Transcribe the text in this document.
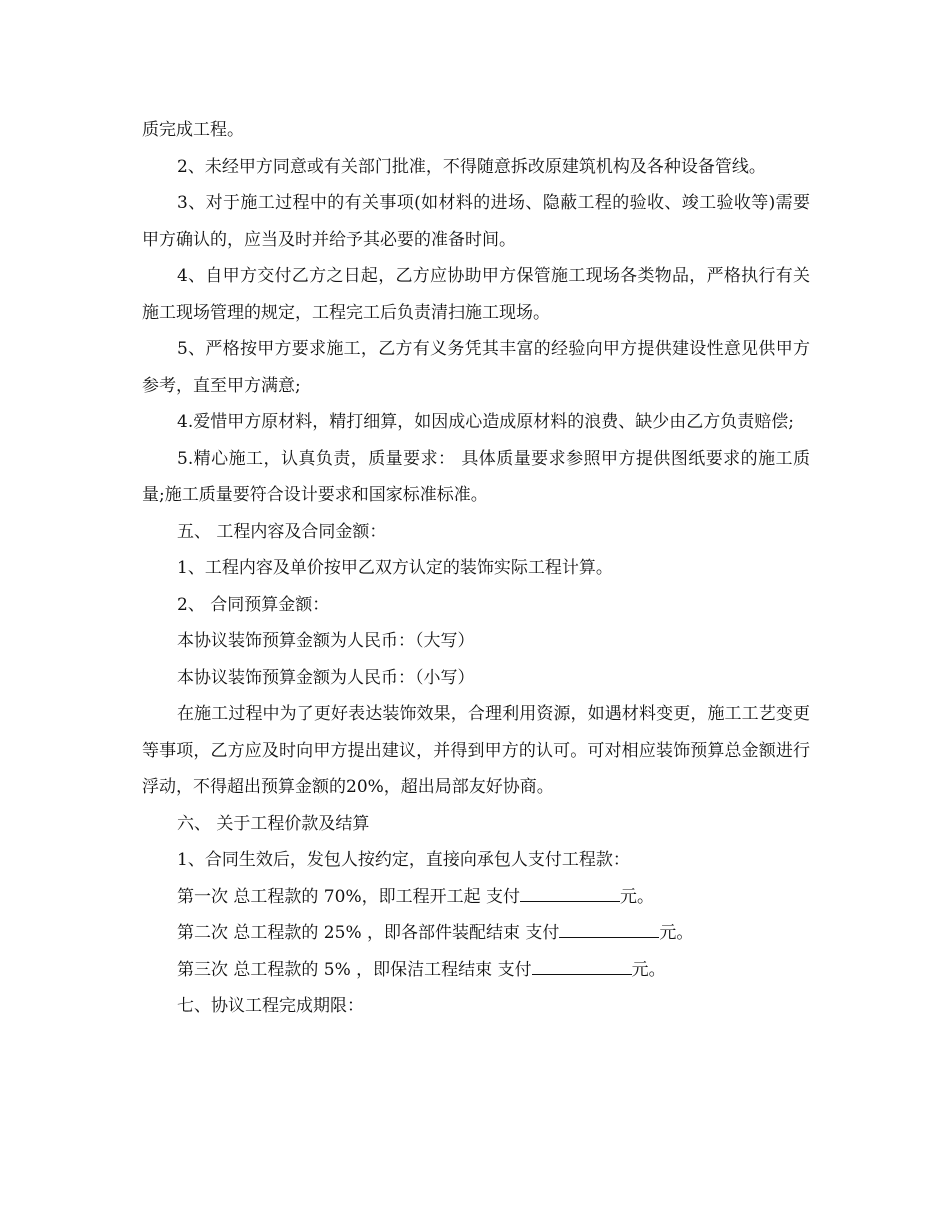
质完成工程。

2、未经甲方同意或有关部门批准，不得随意拆改原建筑机构及各种设备管线。

3、对于施工过程中的有关事项(如材料的进场、隐蔽工程的验收、竣工验收等)需要甲方确认的，应当及时并给予其必要的准备时间。

4、自甲方交付乙方之日起，乙方应协助甲方保管施工现场各类物品，严格执行有关施工现场管理的规定，工程完工后负责清扫施工现场。

5、严格按甲方要求施工，乙方有义务凭其丰富的经验向甲方提供建设性意见供甲方参考，直至甲方满意;

4.爱惜甲方原材料，精打细算，如因成心造成原材料的浪费、缺少由乙方负责赔偿;

5.精心施工，认真负责，质量要求： 具体质量要求参照甲方提供图纸要求的施工质量;施工质量要符合设计要求和国家标准标准。

五、 工程内容及合同金额：

1、工程内容及单价按甲乙双方认定的装饰实际工程计算。

2、 合同预算金额：

本协议装饰预算金额为人民币：（大写）

本协议装饰预算金额为人民币：（小写）

在施工过程中为了更好表达装饰效果，合理利用资源，如遇材料变更，施工工艺变更等事项，乙方应及时向甲方提出建议，并得到甲方的认可。可对相应装饰预算总金额进行浮动，不得超出预算金额的20%，超出局部友好协商。

六、 关于工程价款及结算

1、合同生效后，发包人按约定，直接向承包人支付工程款：

第一次 总工程款的 70%，即工程开工起 支付	元。

第二次 总工程款的 25% ，即各部件装配结束 支付	元。

第三次 总工程款的 5% ，即保洁工程结束 支付	元。

七、协议工程完成期限：
